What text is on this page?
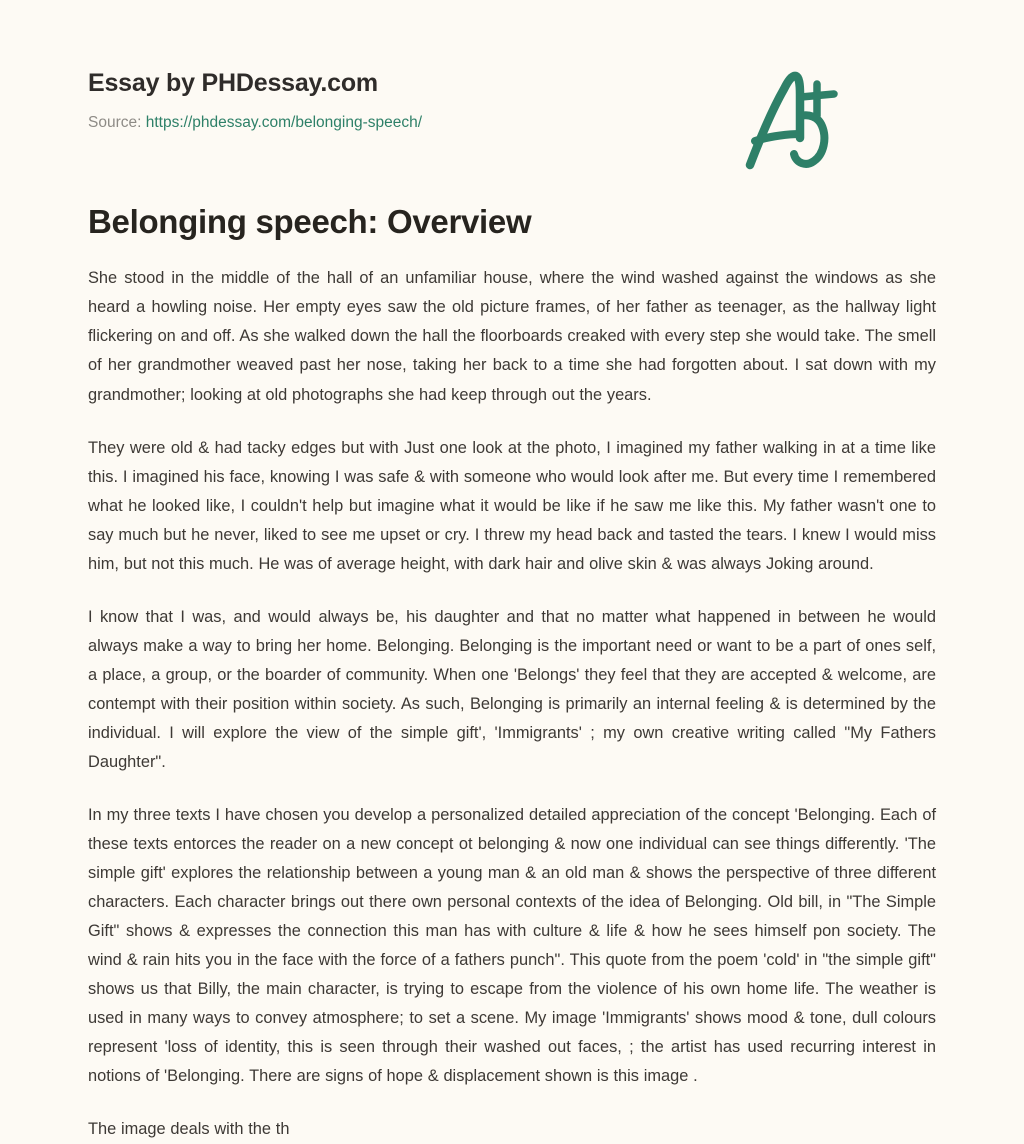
Essay by PHDessay.com
Source: https://phdessay.com/belonging-speech/
Belonging speech: Overview

She stood in the middle of the hall of an unfamiliar house, where the wind washed against the windows as she heard a howling noise. Her empty eyes saw the old picture frames, of her father as teenager, as the hallway light flickering on and off. As she walked down the hall the floorboards creaked with every step she would take. The smell of her grandmother weaved past her nose, taking her back to a time she had forgotten about. I sat down with my grandmother; looking at old photographs she had keep through out the years.

They were old & had tacky edges but with Just one look at the photo, I imagined my father walking in at a time like this. I imagined his face, knowing I was safe & with someone who would look after me. But every time I remembered what he looked like, I couldn't help but imagine what it would be like if he saw me like this. My father wasn't one to say much but he never, liked to see me upset or cry. I threw my head back and tasted the tears. I knew I would miss him, but not this much. He was of average height, with dark hair and olive skin & was always Joking around.

I know that I was, and would always be, his daughter and that no matter what happened in between he would always make a way to bring her home. Belonging. Belonging is the important need or want to be a part of ones self, a place, a group, or the boarder of community. When one 'Belongs' they feel that they are accepted & welcome, are contempt with their position within society. As such, Belonging is primarily an internal feeling & is determined by the individual. I will explore the view of the simple gift', 'Immigrants' ; my own creative writing called "My Fathers Daughter".

In my three texts I have chosen you develop a personalized detailed appreciation of the concept 'Belonging. Each of these texts entorces the reader on a new concept ot belonging & now one individual can see things differently. 'The simple gift' explores the relationship between a young man & an old man & shows the perspective of three different characters. Each character brings out there own personal contexts of the idea of Belonging. Old bill, in "The Simple Gift" shows & expresses the connection this man has with culture & life & how he sees himself pon society. The wind & rain hits you in the face with the force of a fathers punch". This quote from the poem 'cold' in "the simple gift" shows us that Billy, the main character, is trying to escape from the violence of his own home life. The weather is used in many ways to convey atmosphere; to set a scene. My image 'Immigrants' shows mood & tone, dull colours represent 'loss of identity, this is seen through their washed out faces, ; the artist has used recurring interest in notions of 'Belonging. There are signs of hope & displacement shown is this image .

The image deals with the th
